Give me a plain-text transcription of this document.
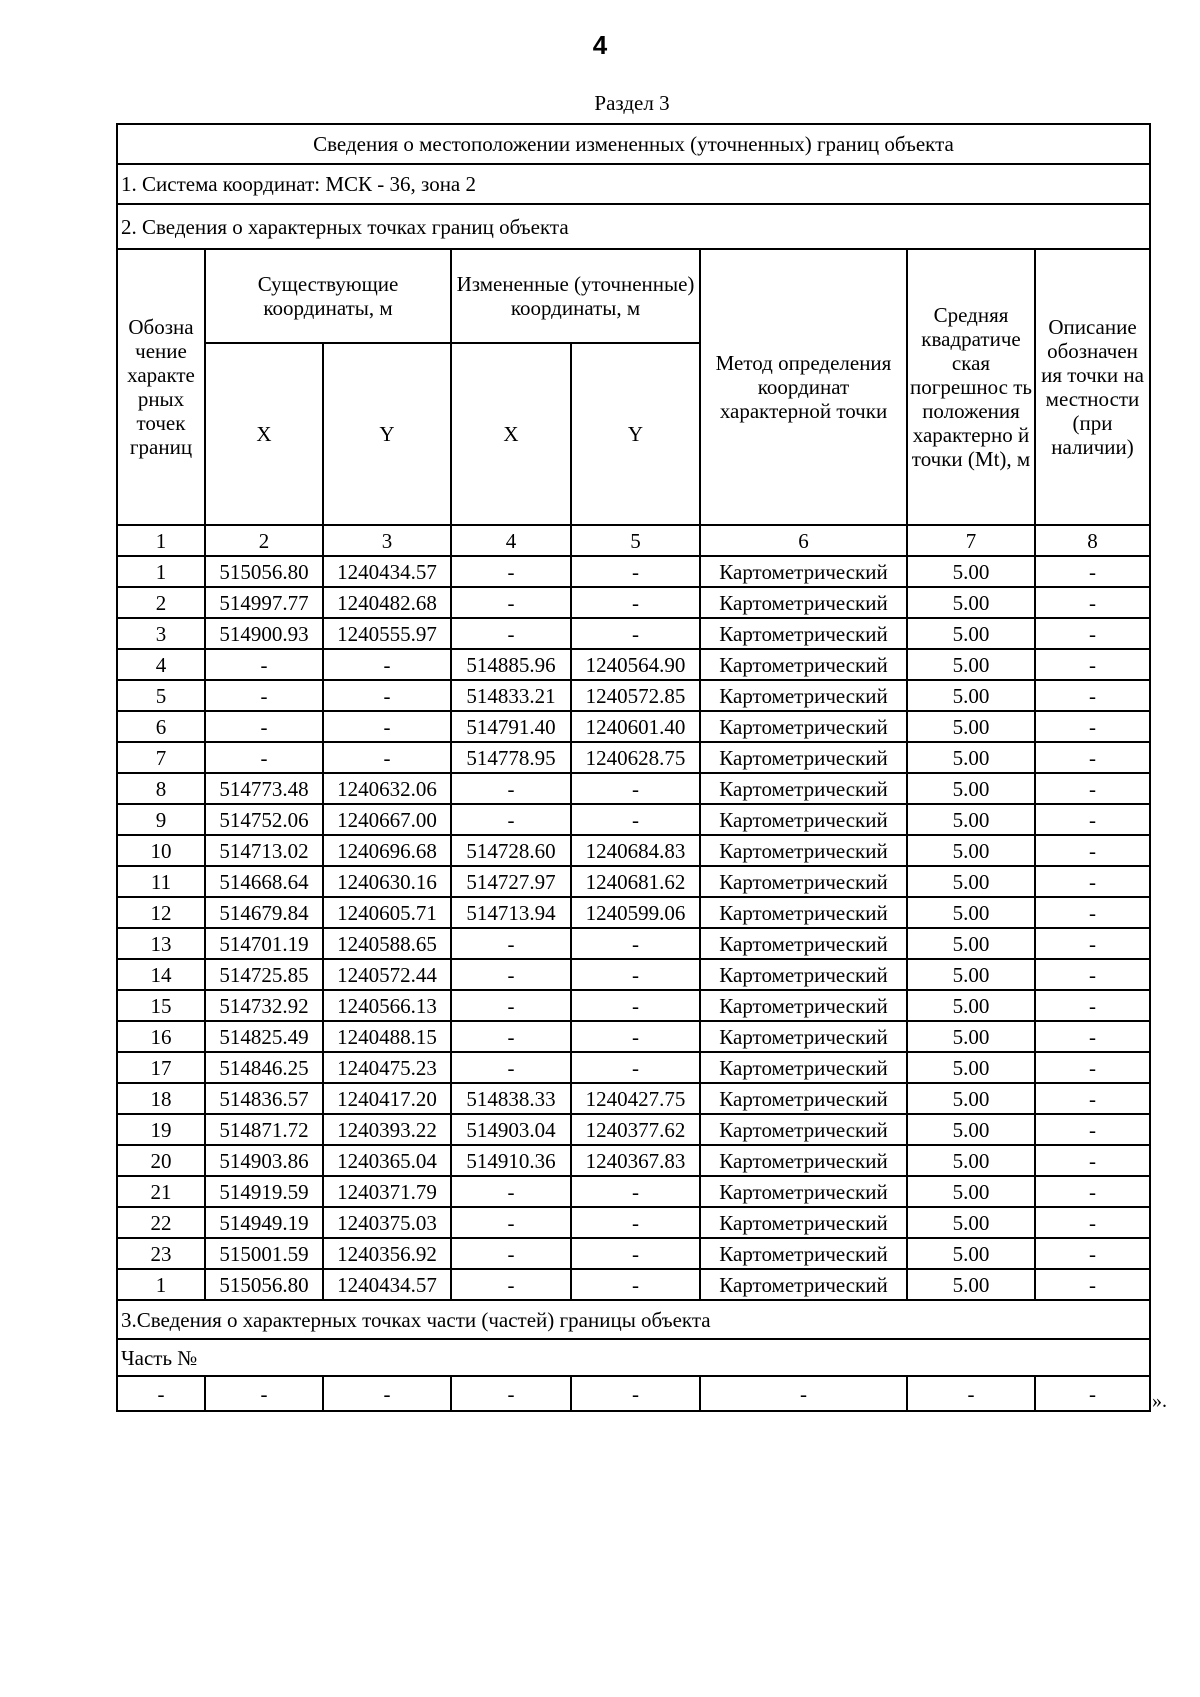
4
Раздел 3
Сведения о местоположении измененных (уточненных) границ объекта							
1. Система координат: МСК - 36, зона 2							
2. Сведения о характерных точках границ объекта							
Обозна чение характе рных точек границ	Существующие координаты, м		Измененные (уточненные) координаты, м		Метод определения координат характерной точки	Средняя квадратиче ская погрешнос ть положения характерно й точки (Mt), м	Описание обозначен ия точки на местности (при наличии)
	X	Y	X	Y			
1	2	3	4	5	6	7	8
1	515056.80	1240434.57	-	-	Картометрический	5.00	-
2	514997.77	1240482.68	-	-	Картометрический	5.00	-
3	514900.93	1240555.97	-	-	Картометрический	5.00	-
4	-	-	514885.96	1240564.90	Картометрический	5.00	-
5	-	-	514833.21	1240572.85	Картометрический	5.00	-
6	-	-	514791.40	1240601.40	Картометрический	5.00	-
7	-	-	514778.95	1240628.75	Картометрический	5.00	-
8	514773.48	1240632.06	-	-	Картометрический	5.00	-
9	514752.06	1240667.00	-	-	Картометрический	5.00	-
10	514713.02	1240696.68	514728.60	1240684.83	Картометрический	5.00	-
11	514668.64	1240630.16	514727.97	1240681.62	Картометрический	5.00	-
12	514679.84	1240605.71	514713.94	1240599.06	Картометрический	5.00	-
13	514701.19	1240588.65	-	-	Картометрический	5.00	-
14	514725.85	1240572.44	-	-	Картометрический	5.00	-
15	514732.92	1240566.13	-	-	Картометрический	5.00	-
16	514825.49	1240488.15	-	-	Картометрический	5.00	-
17	514846.25	1240475.23	-	-	Картометрический	5.00	-
18	514836.57	1240417.20	514838.33	1240427.75	Картометрический	5.00	-
19	514871.72	1240393.22	514903.04	1240377.62	Картометрический	5.00	-
20	514903.86	1240365.04	514910.36	1240367.83	Картометрический	5.00	-
21	514919.59	1240371.79	-	-	Картометрический	5.00	-
22	514949.19	1240375.03	-	-	Картометрический	5.00	-
23	515001.59	1240356.92	-	-	Картометрический	5.00	-
1	515056.80	1240434.57	-	-	Картометрический	5.00	-
3.Сведения о характерных точках части (частей) границы объекта							
Часть №							
-	-	-	-	-	-	-	-	».
